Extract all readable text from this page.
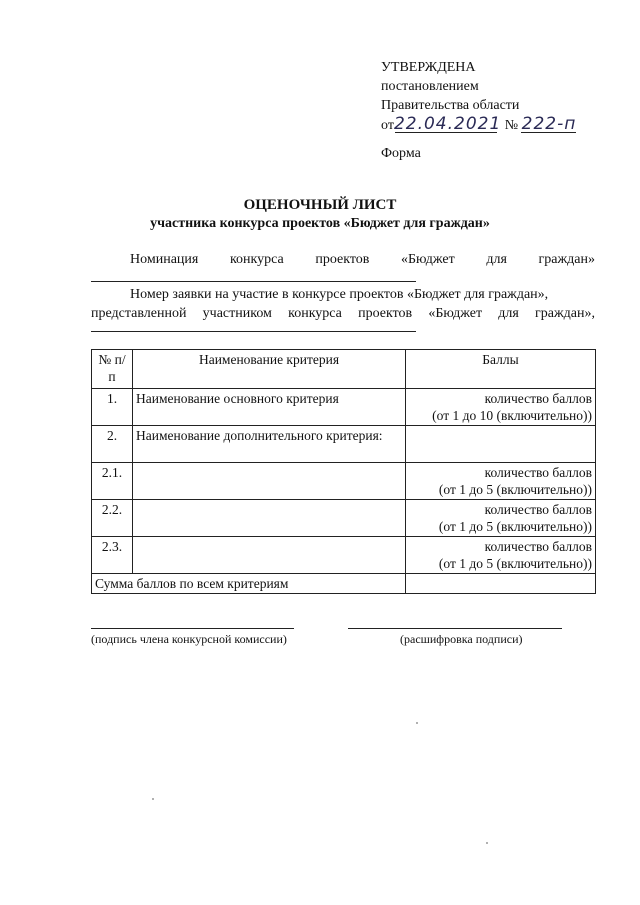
УТВЕРЖДЕНА
постановлением
Правительства области
от22.04.2021 № 222-п
Форма
ОЦЕНОЧНЫЙ ЛИСТ
участника конкурса проектов «Бюджет для граждан»
Номинация конкурса проектов «Бюджет для граждан»
Номер заявки на участие в конкурсе проектов «Бюджет для граждан»,
представленной участником конкурса проектов «Бюджет для граждан»,
№ п/п	Наименование критерия	Баллы
1.	Наименование основного критерия	количество баллов
(от 1 до 10 (включительно))

2.	Наименование дополнительного критерия:	

2.1.		количество баллов
(от 1 до 5 (включительно))

2.2.		количество баллов
(от 1 до 5 (включительно))

2.3.		количество баллов
(от 1 до 5 (включительно))

Сумма баллов по всем критериям		
(подпись члена конкурсной комиссии)	(расшифровка подписи)
